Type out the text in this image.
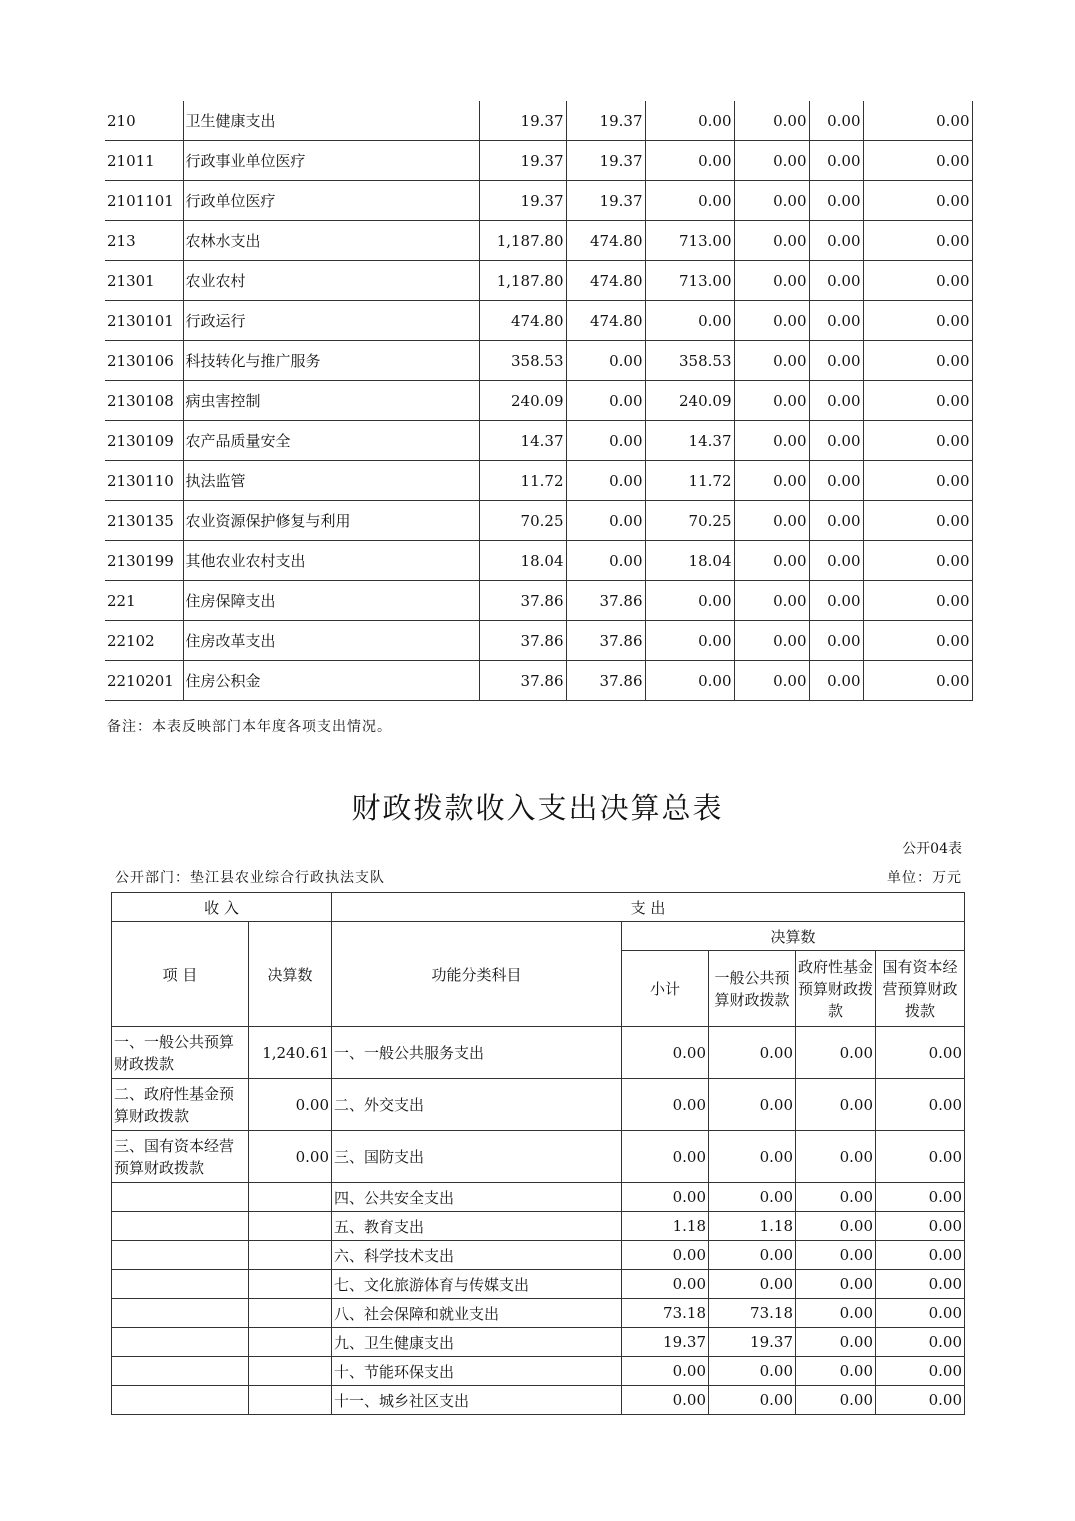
210	卫生健康支出	19.37	19.37	0.00	0.00	0.00	0.00
21011	行政事业单位医疗	19.37	19.37	0.00	0.00	0.00	0.00
2101101	行政单位医疗	19.37	19.37	0.00	0.00	0.00	0.00
213	农林水支出	1,187.80	474.80	713.00	0.00	0.00	0.00
21301	农业农村	1,187.80	474.80	713.00	0.00	0.00	0.00
2130101	行政运行	474.80	474.80	0.00	0.00	0.00	0.00
2130106	科技转化与推广服务	358.53	0.00	358.53	0.00	0.00	0.00
2130108	病虫害控制	240.09	0.00	240.09	0.00	0.00	0.00
2130109	农产品质量安全	14.37	0.00	14.37	0.00	0.00	0.00
2130110	执法监管	11.72	0.00	11.72	0.00	0.00	0.00
2130135	农业资源保护修复与利用	70.25	0.00	70.25	0.00	0.00	0.00
2130199	其他农业农村支出	18.04	0.00	18.04	0.00	0.00	0.00
221	住房保障支出	37.86	37.86	0.00	0.00	0.00	0.00
22102	住房改革支出	37.86	37.86	0.00	0.00	0.00	0.00
2210201	住房公积金	37.86	37.86	0.00	0.00	0.00	0.00
备注：本表反映部门本年度各项支出情况。
财政拨款收入支出决算总表
公开04表
公开部门：垫江县农业综合行政执法支队	单位：万元
收 入		支 出				
项 目	决算数	功能分类科目	决算数			
			小计	一般公共预算财政拨款	政府性基金预算财政拨款	国有资本经营预算财政拨款
一、一般公共预算财政拨款	1,240.61	一、一般公共服务支出	0.00	0.00	0.00	0.00
二、政府性基金预算财政拨款	0.00	二、外交支出	0.00	0.00	0.00	0.00
三、国有资本经营预算财政拨款	0.00	三、国防支出	0.00	0.00	0.00	0.00
		四、公共安全支出	0.00	0.00	0.00	0.00
		五、教育支出	1.18	1.18	0.00	0.00
		六、科学技术支出	0.00	0.00	0.00	0.00
		七、文化旅游体育与传媒支出	0.00	0.00	0.00	0.00
		八、社会保障和就业支出	73.18	73.18	0.00	0.00
		九、卫生健康支出	19.37	19.37	0.00	0.00
		十、节能环保支出	0.00	0.00	0.00	0.00
		十一、城乡社区支出	0.00	0.00	0.00	0.00
